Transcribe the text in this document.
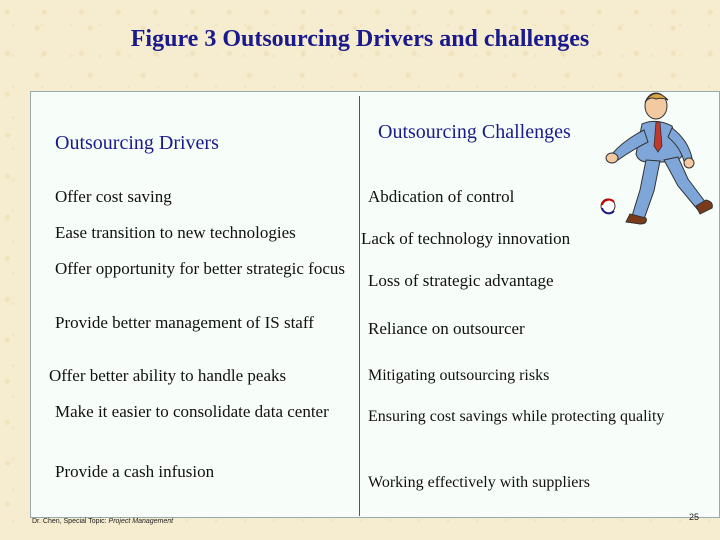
Figure 3 Outsourcing Drivers and challenges
Outsourcing Drivers	Outsourcing Challenges
Offer cost saving
Ease transition to new technologies
Offer opportunity for better strategic focus
Provide better management of IS staff
Offer better ability to handle peaks
Make it easier to consolidate data center
Provide a cash infusion
Abdication of control
Lack of technology innovation
Loss of strategic advantage
Reliance on outsourcer
Mitigating outsourcing risks
Ensuring cost savings while protecting quality
Working effectively with suppliers
Dr. Chen, Special Topic: Project Management	25
